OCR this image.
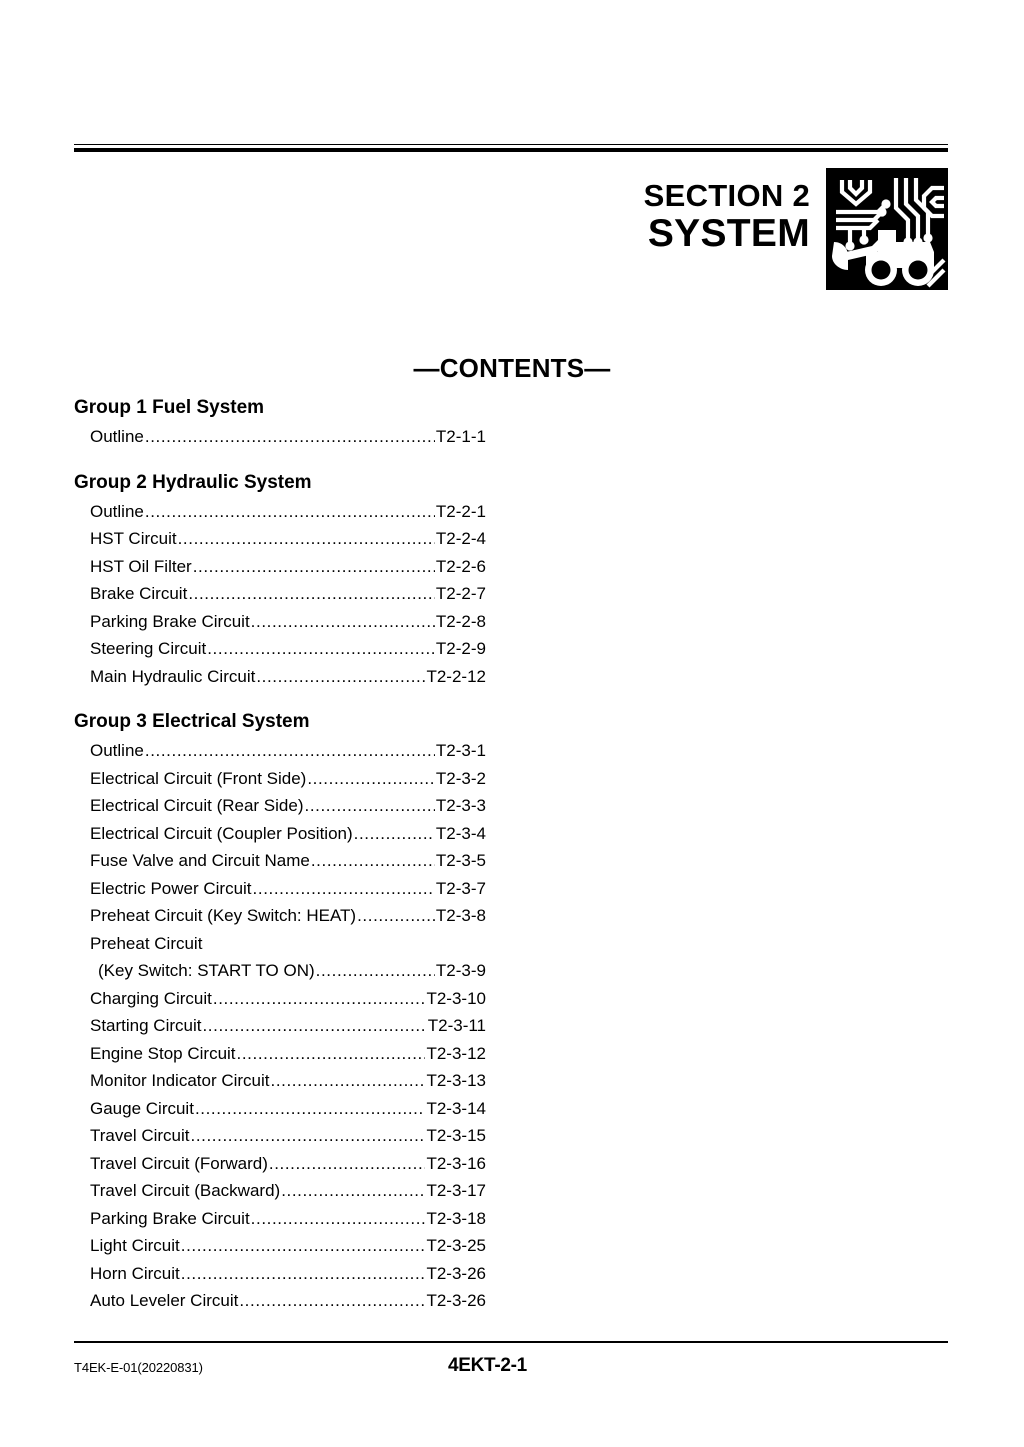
SECTION 2
SYSTEM
—CONTENTS—
Group 1 Fuel System
Outline .....	T2-1-1
Group 2 Hydraulic System
Outline .....	T2-2-1
HST Circuit .....	T2-2-4
HST Oil Filter .....	T2-2-6
Brake Circuit .....	T2-2-7
Parking Brake Circuit .....	T2-2-8
Steering Circuit .....	T2-2-9
Main Hydraulic Circuit .....	T2-2-12
Group 3 Electrical System
Outline .....	T2-3-1
Electrical Circuit (Front Side) .....	T2-3-2
Electrical Circuit (Rear Side) .....	T2-3-3
Electrical Circuit (Coupler Position) .....	T2-3-4
Fuse Valve and Circuit Name .....	T2-3-5
Electric Power Circuit .....	T2-3-7
Preheat Circuit (Key Switch: HEAT) .....	T2-3-8
Preheat Circuit
(Key Switch: START TO ON) .....	T2-3-9
Charging Circuit .....	T2-3-10
Starting Circuit .....	T2-3-11
Engine Stop Circuit .....	T2-3-12
Monitor Indicator Circuit .....	T2-3-13
Gauge Circuit .....	T2-3-14
Travel Circuit .....	T2-3-15
Travel Circuit (Forward) .....	T2-3-16
Travel Circuit (Backward) .....	T2-3-17
Parking Brake Circuit .....	T2-3-18
Light Circuit .....	T2-3-25
Horn Circuit .....	T2-3-26
Auto Leveler Circuit .....	T2-3-26
T4EK-E-01(20220831)	4EKT-2-1
